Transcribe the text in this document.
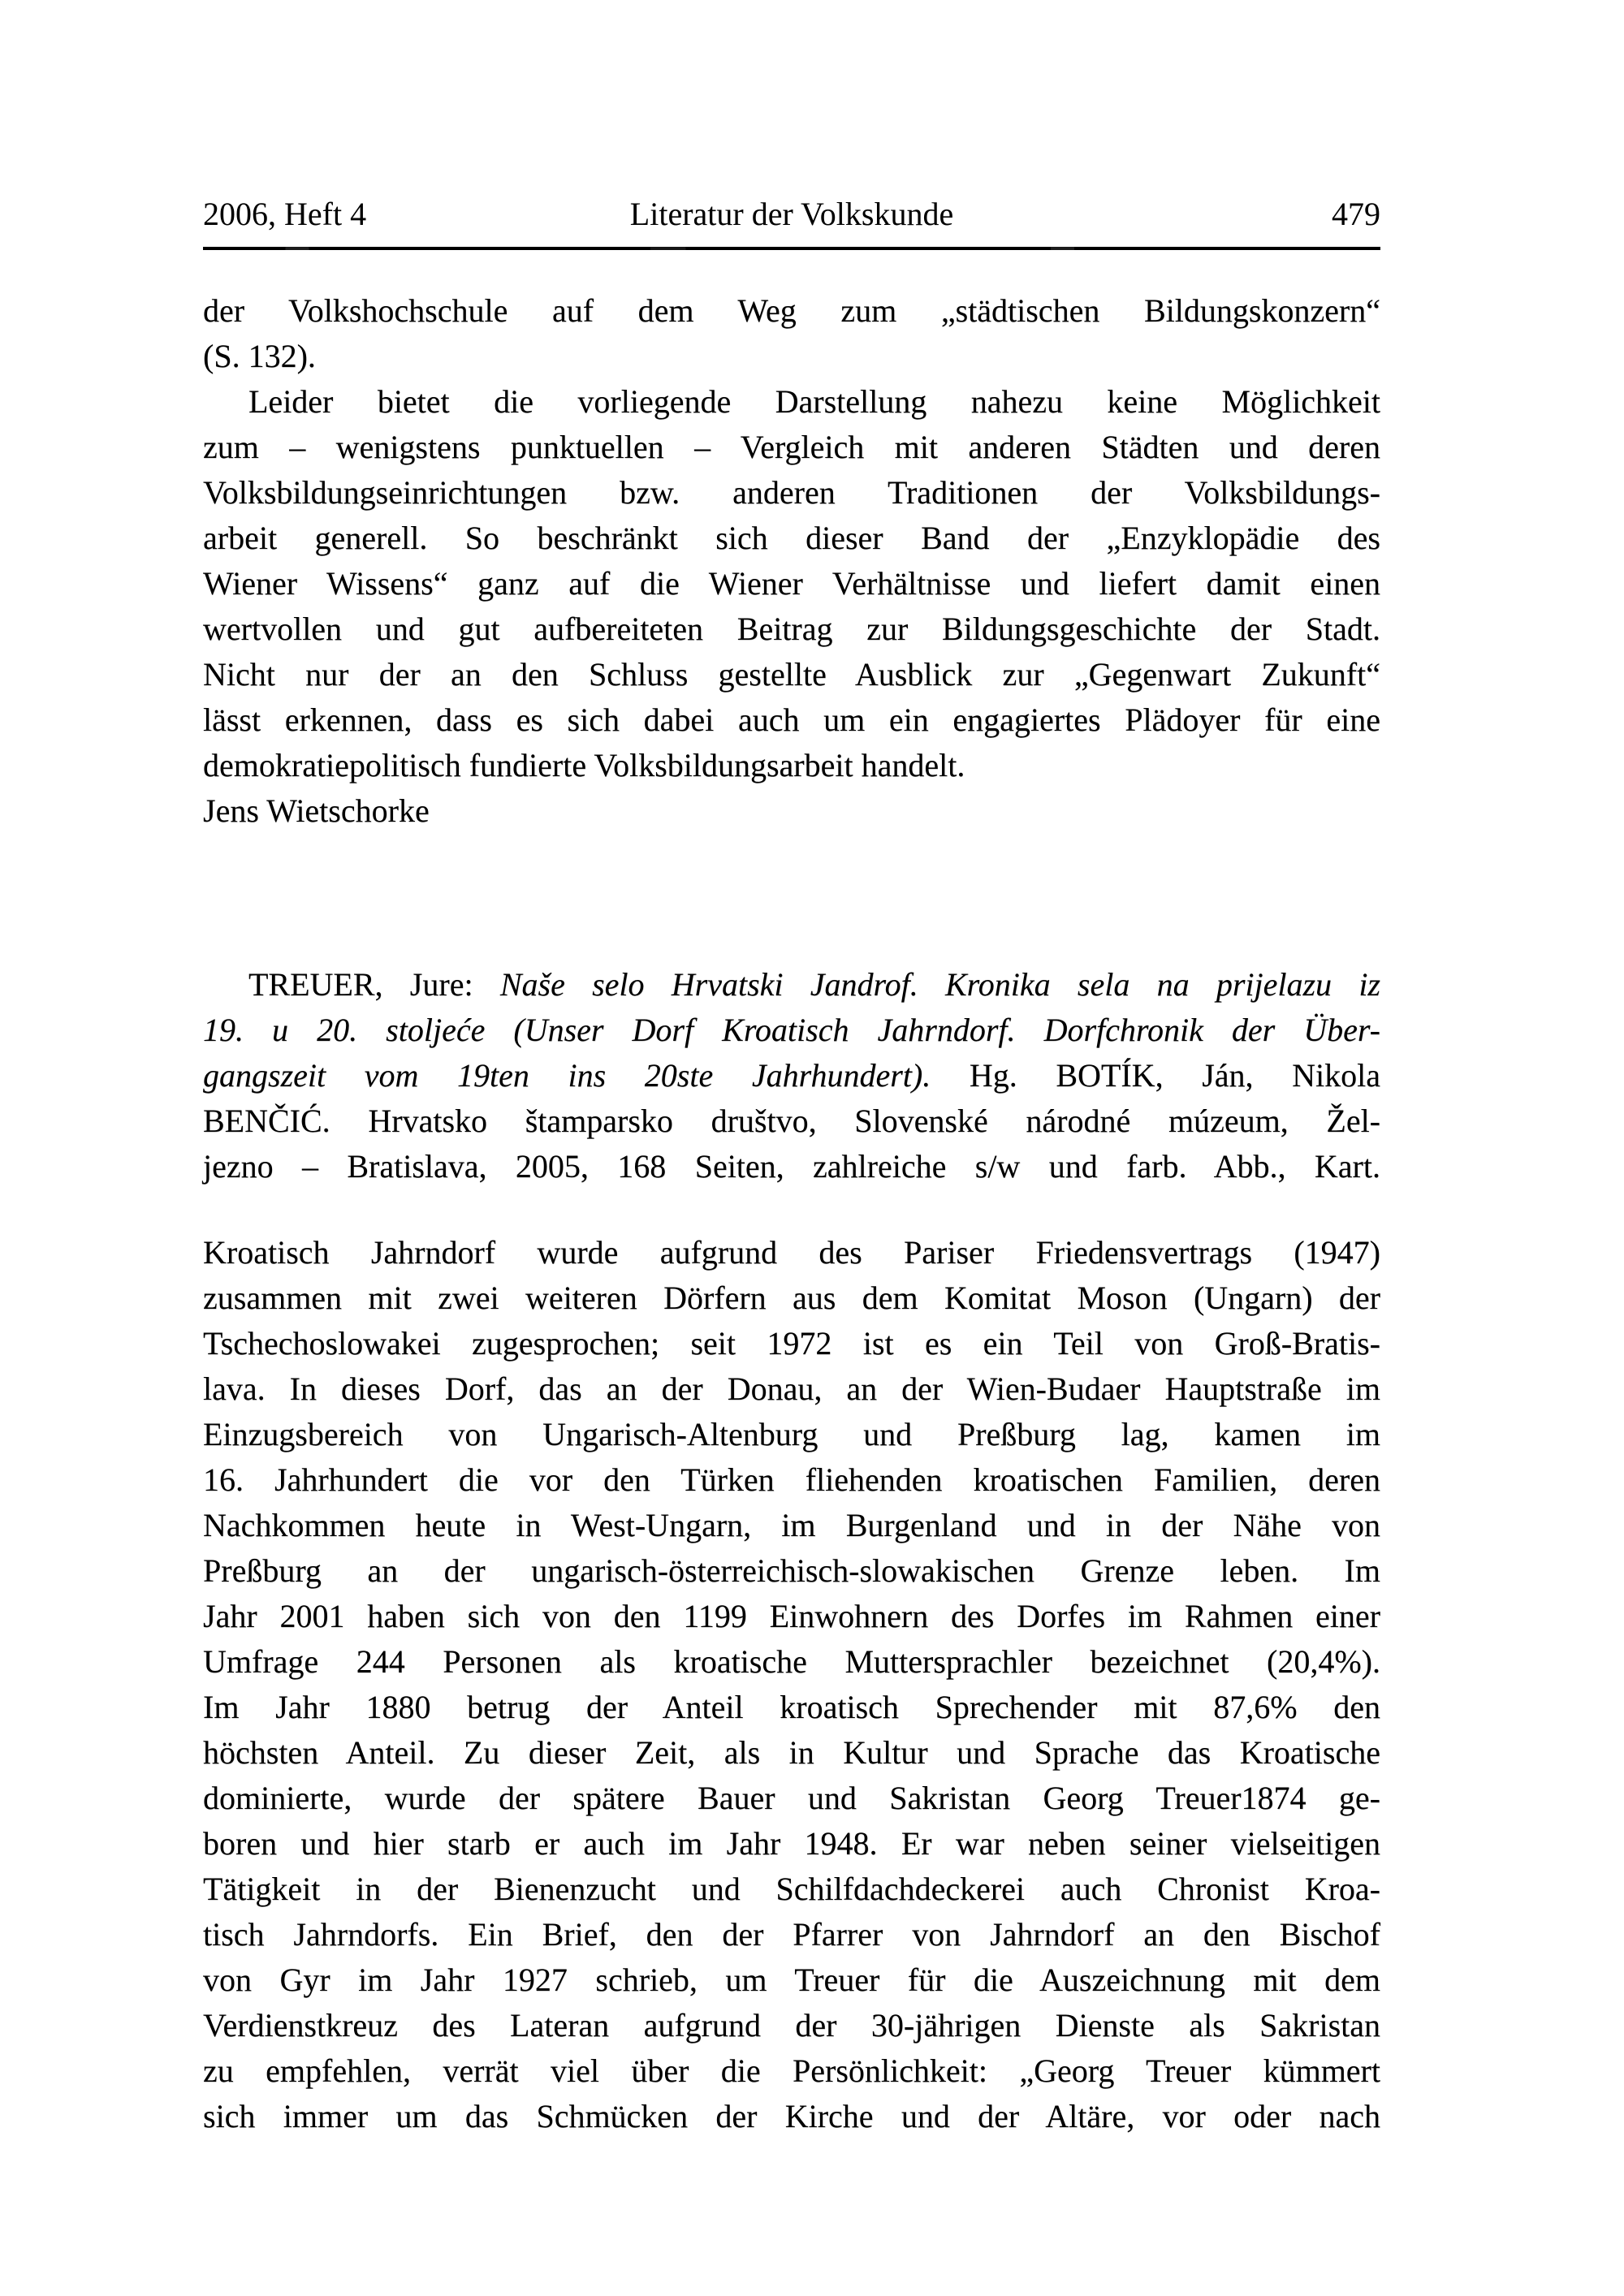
2006, Heft 4	Literatur der Volkskunde	479
der Volkshochschule auf dem Weg zum „städtischen Bildungskonzern“
(S. 132).
Leider bietet die vorliegende Darstellung nahezu keine Möglichkeit
zum – wenigstens punktuellen – Vergleich mit anderen Städten und deren
Volksbildungseinrichtungen bzw. anderen Traditionen der Volksbildungs-
arbeit generell. So beschränkt sich dieser Band der „Enzyklopädie des
Wiener Wissens“ ganz auf die Wiener Verhältnisse und liefert damit einen
wertvollen und gut aufbereiteten Beitrag zur Bildungsgeschichte der Stadt.
Nicht nur der an den Schluss gestellte Ausblick zur „Gegenwart Zukunft“
lässt erkennen, dass es sich dabei auch um ein engagiertes Plädoyer für eine
demokratiepolitisch fundierte Volksbildungsarbeit handelt.
Jens Wietschorke
TREUER, Jure: Naše selo Hrvatski Jandrof. Kronika sela na prijelazu iz
19. u 20. stoljeće (Unser Dorf Kroatisch Jahrndorf. Dorfchronik der Über-
gangszeit vom 19ten ins 20ste Jahrhundert). Hg. BOTÍK, Ján, Nikola
BENČIĆ. Hrvatsko štamparsko društvo, Slovenské národné múzeum, Žel-
jezno – Bratislava, 2005, 168 Seiten, zahlreiche s/w und farb. Abb., Kart.
Kroatisch Jahrndorf wurde aufgrund des Pariser Friedensvertrags (1947)
zusammen mit zwei weiteren Dörfern aus dem Komitat Moson (Ungarn) der
Tschechoslowakei zugesprochen; seit 1972 ist es ein Teil von Groß-Bratis-
lava. In dieses Dorf, das an der Donau, an der Wien-Budaer Hauptstraße im
Einzugsbereich von Ungarisch-Altenburg und Preßburg lag, kamen im
16. Jahrhundert die vor den Türken fliehenden kroatischen Familien, deren
Nachkommen heute in West-Ungarn, im Burgenland und in der Nähe von
Preßburg an der ungarisch-österreichisch-slowakischen Grenze leben. Im
Jahr 2001 haben sich von den 1199 Einwohnern des Dorfes im Rahmen einer
Umfrage 244 Personen als kroatische Muttersprachler bezeichnet (20,4%).
Im Jahr 1880 betrug der Anteil kroatisch Sprechender mit 87,6% den
höchsten Anteil. Zu dieser Zeit, als in Kultur und Sprache das Kroatische
dominierte, wurde der spätere Bauer und Sakristan Georg Treuer1874 ge-
boren und hier starb er auch im Jahr 1948. Er war neben seiner vielseitigen
Tätigkeit in der Bienenzucht und Schilfdachdeckerei auch Chronist Kroa-
tisch Jahrndorfs. Ein Brief, den der Pfarrer von Jahrndorf an den Bischof
von Gyr im Jahr 1927 schrieb, um Treuer für die Auszeichnung mit dem
Verdienstkreuz des Lateran aufgrund der 30-jährigen Dienste als Sakristan
zu empfehlen, verrät viel über die Persönlichkeit: „Georg Treuer kümmert
sich immer um das Schmücken der Kirche und der Altäre, vor oder nach
